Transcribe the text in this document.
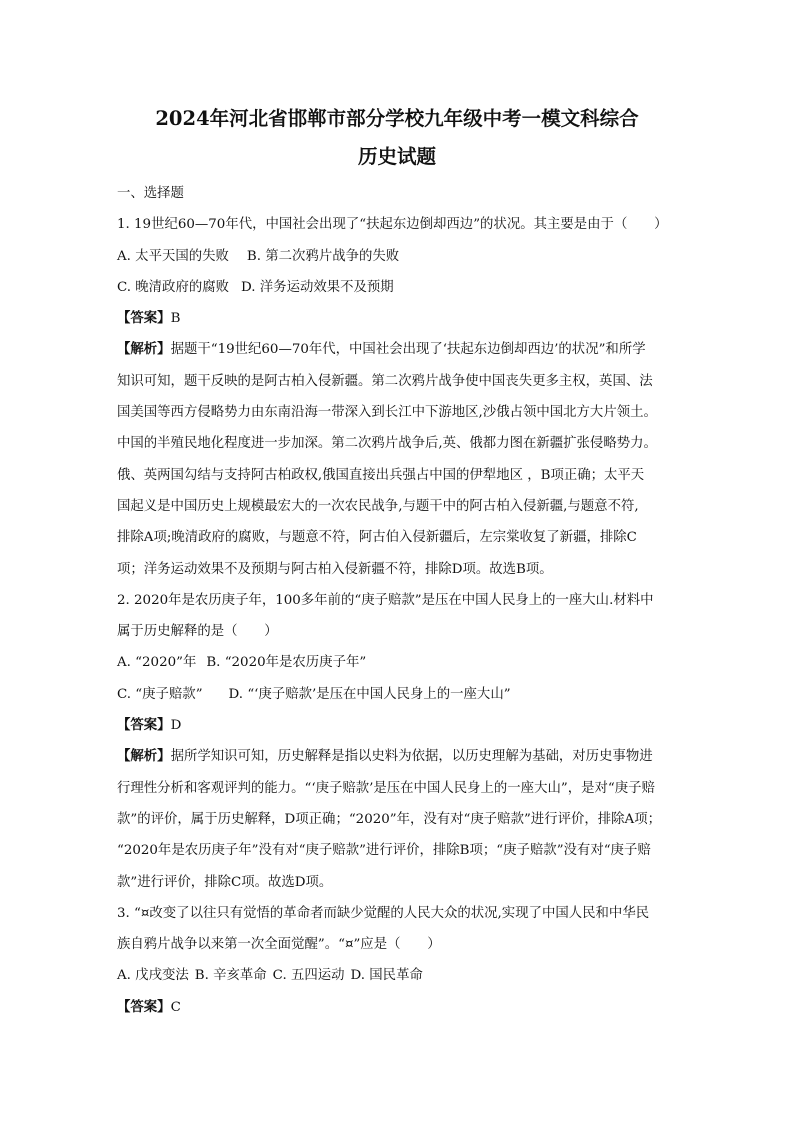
2024年河北省邯郸市部分学校九年级中考一模文科综合

历史试题

一、选择题

1. 19世纪60—70年代，中国社会出现了“扶起东边倒却西边”的状况。其主要是由于（　　）

A. 太平天国的失败 B. 第二次鸦片战争的失败

C. 晚清政府的腐败 D. 洋务运动效果不及预期

【答案】B

【解析】据题干“19世纪60—70年代，中国社会出现了‘扶起东边倒却西边’的状况”和所学

知识可知，题干反映的是阿古柏入侵新疆。第二次鸦片战争使中国丧失更多主权，英国、法

国美国等西方侵略势力由东南沿海一带深入到长江中下游地区,沙俄占领中国北方大片领土。

中国的半殖民地化程度进一步加深。第二次鸦片战争后,英、俄都力图在新疆扩张侵略势力。

俄、英两国勾结与支持阿古柏政权,俄国直接出兵强占中国的伊犁地区 ，B项正确；太平天

国起义是中国历史上规模最宏大的一次农民战争,与题干中的阿古柏入侵新疆,与题意不符,

排除A项;晚清政府的腐败，与题意不符，阿古伯入侵新疆后，左宗棠收复了新疆，排除C

项；洋务运动效果不及预期与阿古柏入侵新疆不符，排除D项。故选B项。

2. 2020年是农历庚子年，100多年前的“庚子赔款”是压在中国人民身上的一座大山.材料中

属于历史解释的是（　　）

A. “2020”年 B. “2020年是农历庚子年”

C. “庚子赔款” D. “‘庚子赔款’是压在中国人民身上的一座大山”

【答案】D

【解析】据所学知识可知，历史解释是指以史料为依据，以历史理解为基础，对历史事物进

行理性分析和客观评判的能力。“‘庚子赔款’是压在中国人民身上的一座大山”，是对“庚子赔

款”的评价，属于历史解释，D项正确；“2020”年，没有对“庚子赔款”进行评价，排除A项；

“2020年是农历庚子年”没有对“庚子赔款”进行评价，排除B项；“庚子赔款”没有对“庚子赔

款”进行评价，排除C项。故选D项。

3. “¤改变了以往只有觉悟的革命者而缺少觉醒的人民大众的状况,实现了中国人民和中华民

族自鸦片战争以来第一次全面觉醒”。“¤”应是（　　）

A. 戊戌变法 B. 辛亥革命 C. 五四运动 D. 国民革命

【答案】C
